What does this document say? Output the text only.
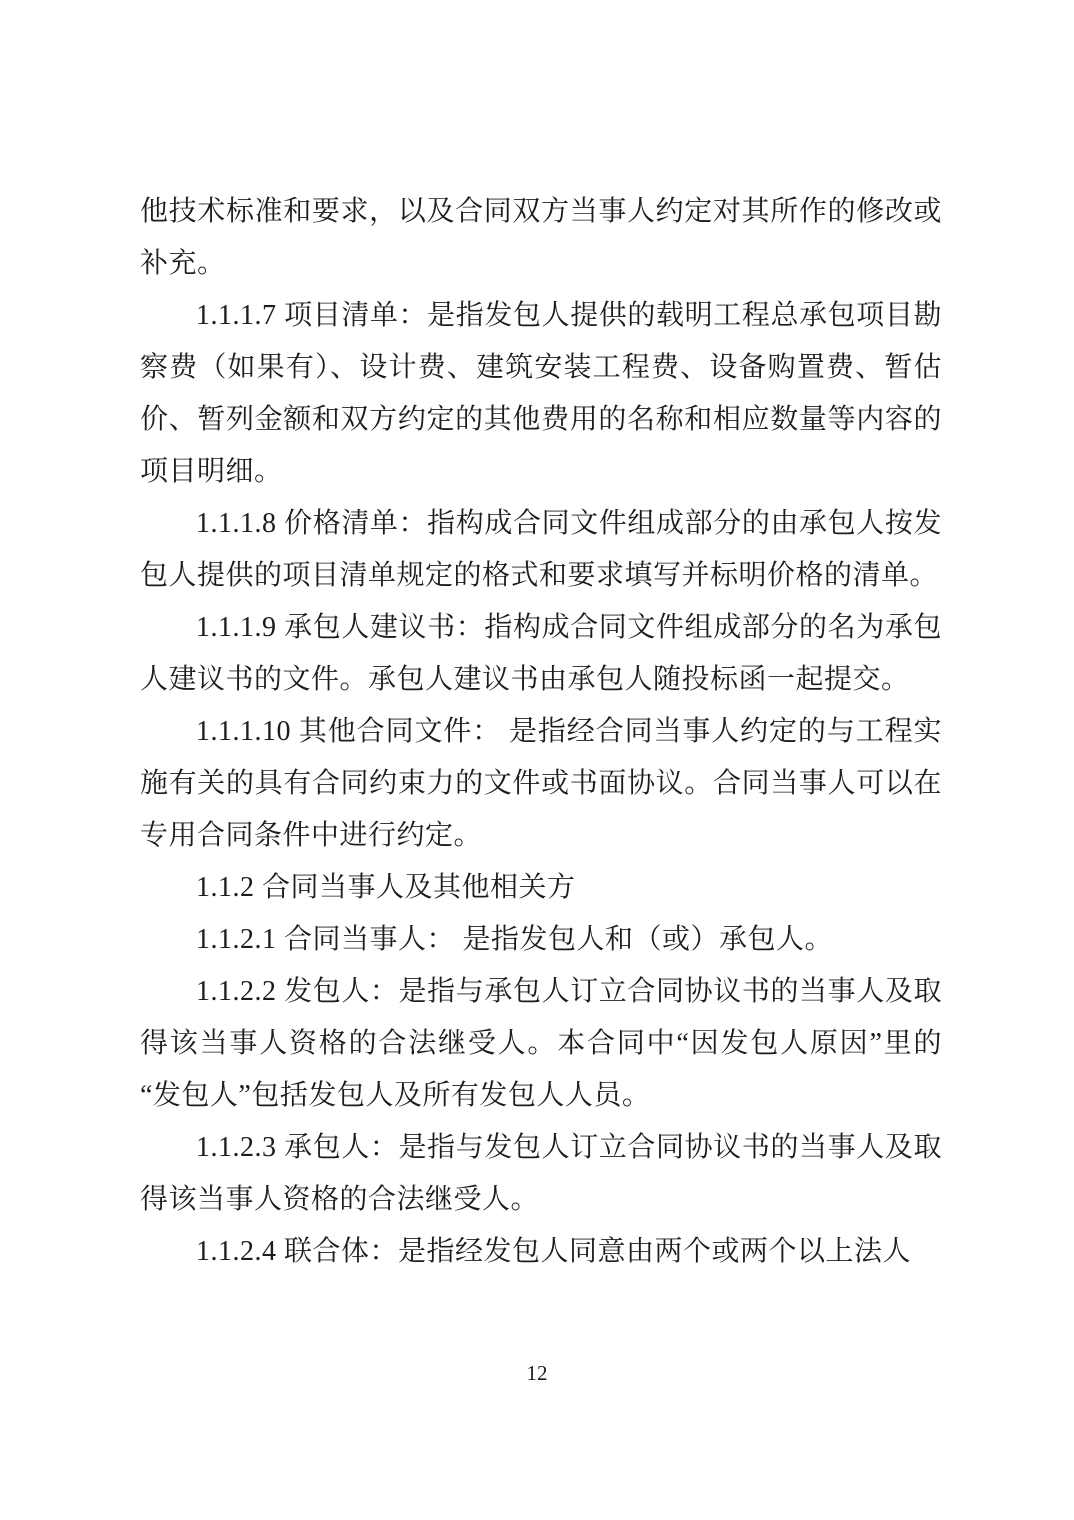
他技术标准和要求，以及合同双方当事人约定对其所作的修改或补充。

1.1.1.7 项目清单：是指发包人提供的载明工程总承包项目勘察费（如果有）、设计费、建筑安装工程费、设备购置费、暂估价、暂列金额和双方约定的其他费用的名称和相应数量等内容的项目明细。

1.1.1.8 价格清单：指构成合同文件组成部分的由承包人按发包人提供的项目清单规定的格式和要求填写并标明价格的清单。

1.1.1.9 承包人建议书：指构成合同文件组成部分的名为承包人建议书的文件。承包人建议书由承包人随投标函一起提交。

1.1.1.10 其他合同文件： 是指经合同当事人约定的与工程实施有关的具有合同约束力的文件或书面协议。合同当事人可以在专用合同条件中进行约定。

1.1.2 合同当事人及其他相关方

1.1.2.1 合同当事人： 是指发包人和（或）承包人。

1.1.2.2 发包人：是指与承包人订立合同协议书的当事人及取得该当事人资格的合法继受人。本合同中“因发包人原因”里的“发包人”包括发包人及所有发包人人员。

1.1.2.3 承包人：是指与发包人订立合同协议书的当事人及取得该当事人资格的合法继受人。

1.1.2.4 联合体：是指经发包人同意由两个或两个以上法人

12
